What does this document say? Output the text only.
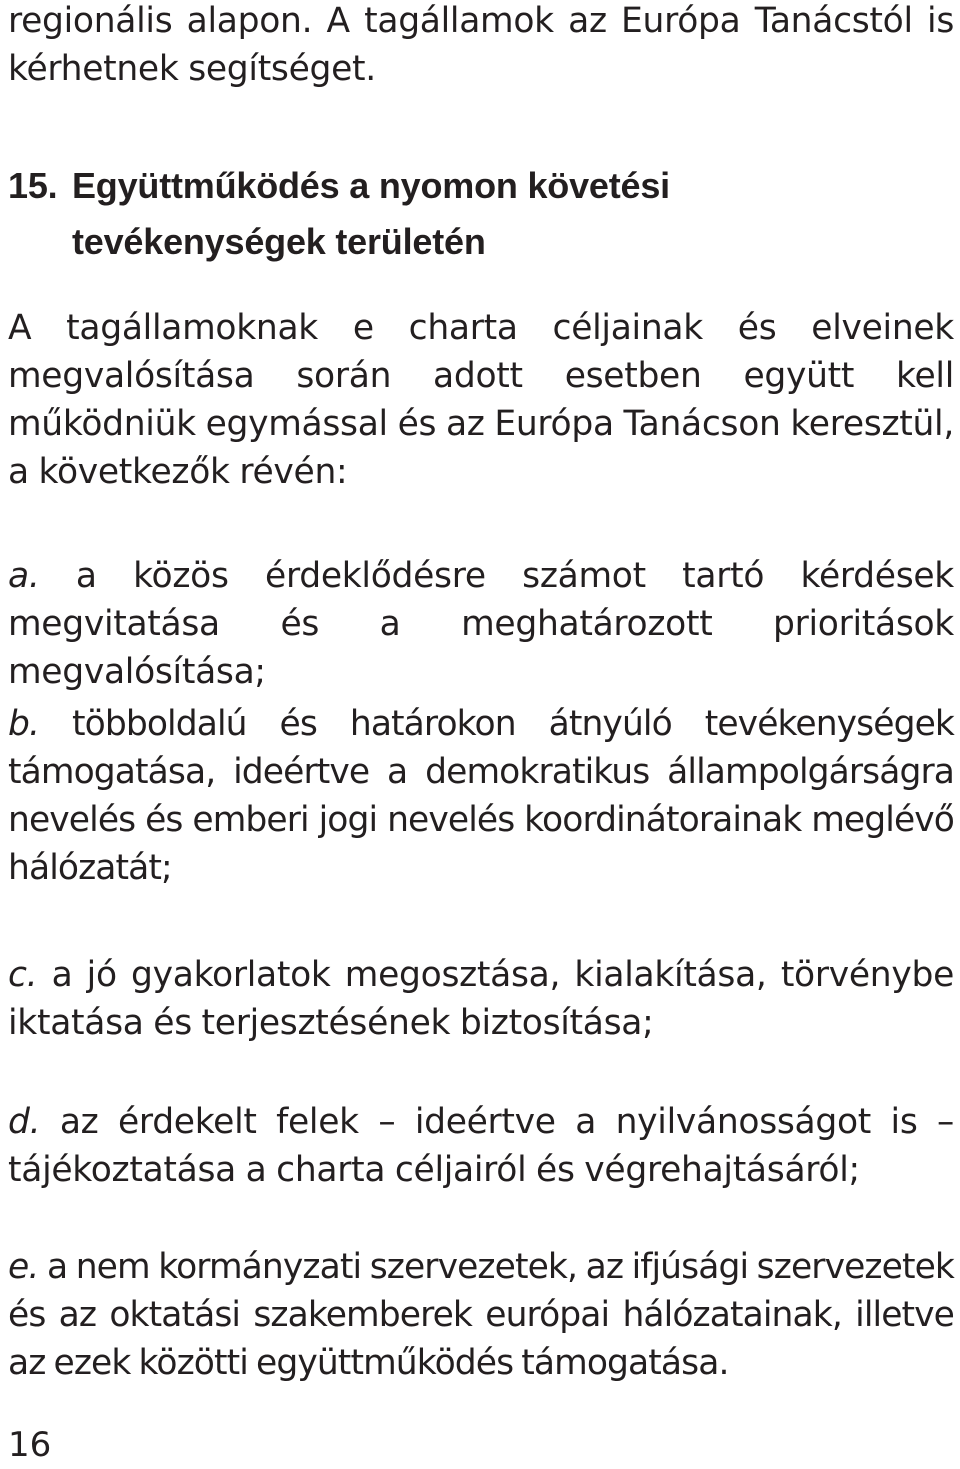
regionális alapon. A tagállamok az Európa Tanácstól is kérhetnek segítséget.

15. Együttműködés a nyomon követési
tevékenységek területén

A tagállamoknak e charta céljainak és elveinek megvalósítása során adott esetben együtt kell működniük egymással és az Európa Tanácson keresztül, a következők révén:

a. a közös érdeklődésre számot tartó kérdések megvitatása és a meghatározott prioritások megvalósítása;

b. többoldalú és határokon átnyúló tevékenységek támogatása, ideértve a demokratikus állampolgárságra nevelés és emberi jogi nevelés koordinátorainak meglévő hálózatát;

c. a jó gyakorlatok megosztása, kialakítása, törvénybe iktatása és terjesztésének biztosítása;

d. az érdekelt felek – ideértve a nyilvánosságot is – tájékoztatása a charta céljairól és végrehajtásáról;

e. a nem kormányzati szervezetek, az ifjúsági szervezetek és az oktatási szakemberek európai hálózatainak, illetve az ezek közötti együttműködés támogatása.

16
